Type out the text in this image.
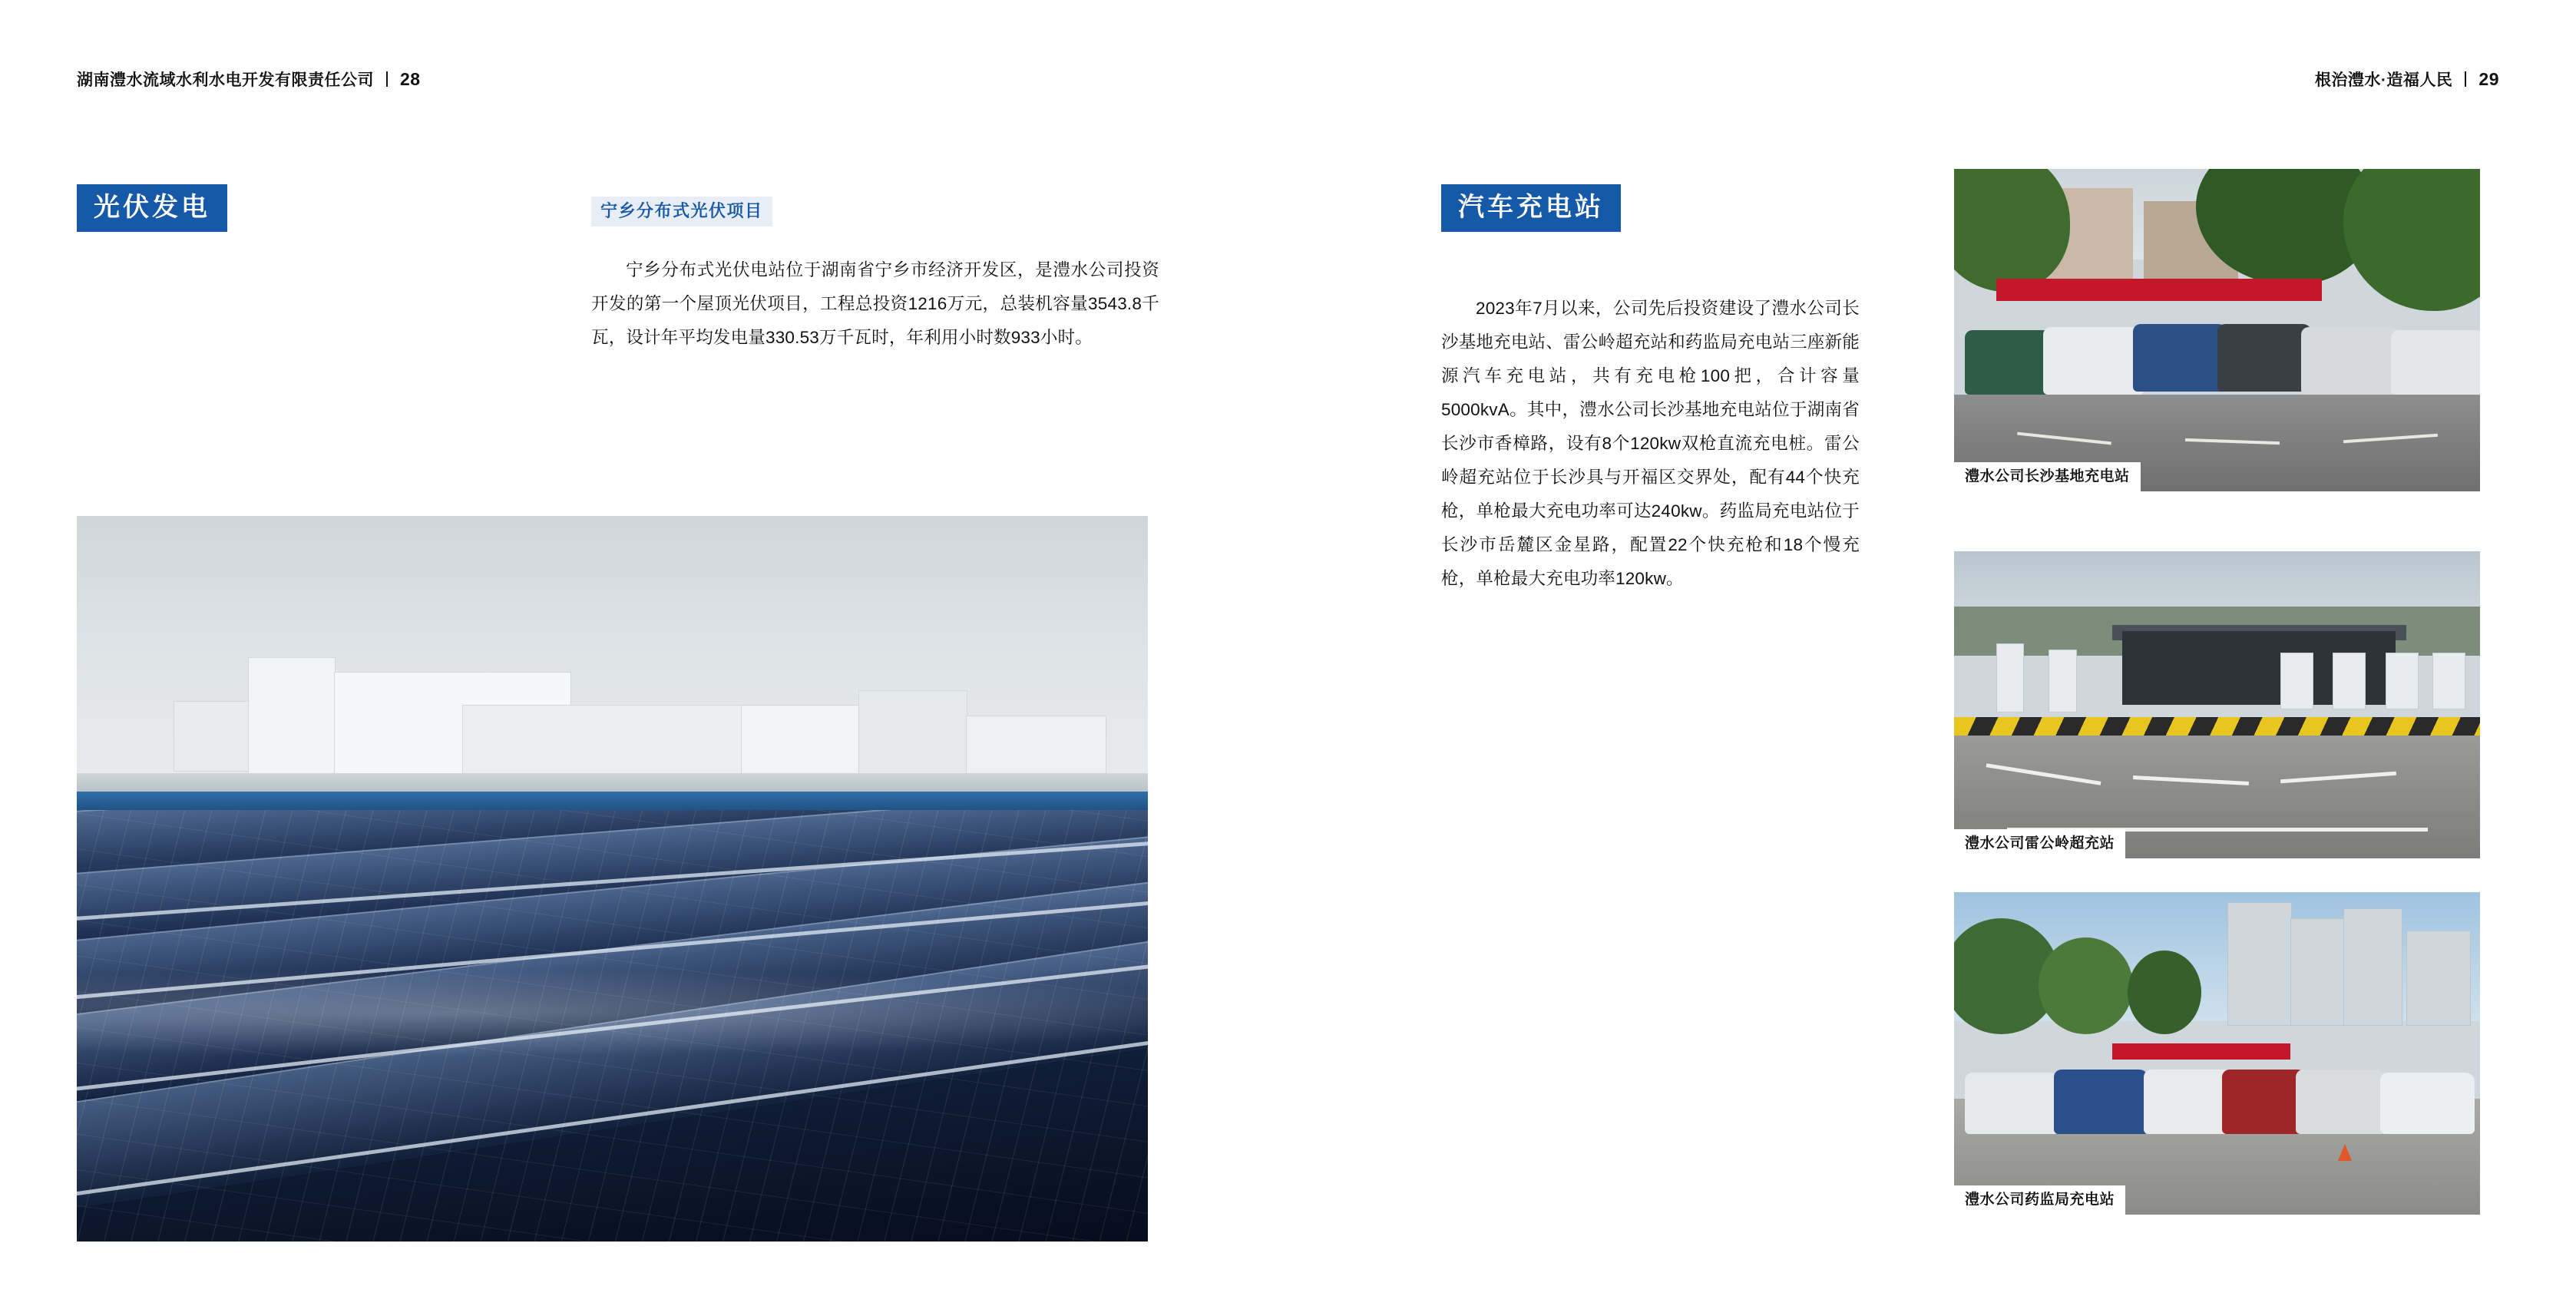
湖南澧水流域水利水电开发有限责任公司 28
光伏发电	宁乡分布式光伏项目

宁乡分布式光伏电站位于湖南省宁乡市经济开发区，是澧水公司投资开发的第一个屋顶光伏项目，工程总投资1216万元，总装机容量3543.8千瓦，设计年平均发电量330.53万千瓦时，年利用小时数933小时。

根治澧水·造福人民 29
汽车充电站

2023年7月以来，公司先后投资建设了澧水公司长沙基地充电站、雷公岭超充站和药监局充电站三座新能源汽车充电站，共有充电枪100把，合计容量5000kvA。其中，澧水公司长沙基地充电站位于湖南省长沙市香樟路，设有8个120kw双枪直流充电桩。雷公岭超充站位于长沙具与开福区交界处，配有44个快充枪，单枪最大充电功率可达240kw。药监局充电站位于长沙市岳麓区金星路，配置22个快充枪和18个慢充枪，单枪最大充电功率120kw。

澧水公司长沙基地充电站
澧水公司雷公岭超充站
澧水公司药监局充电站
